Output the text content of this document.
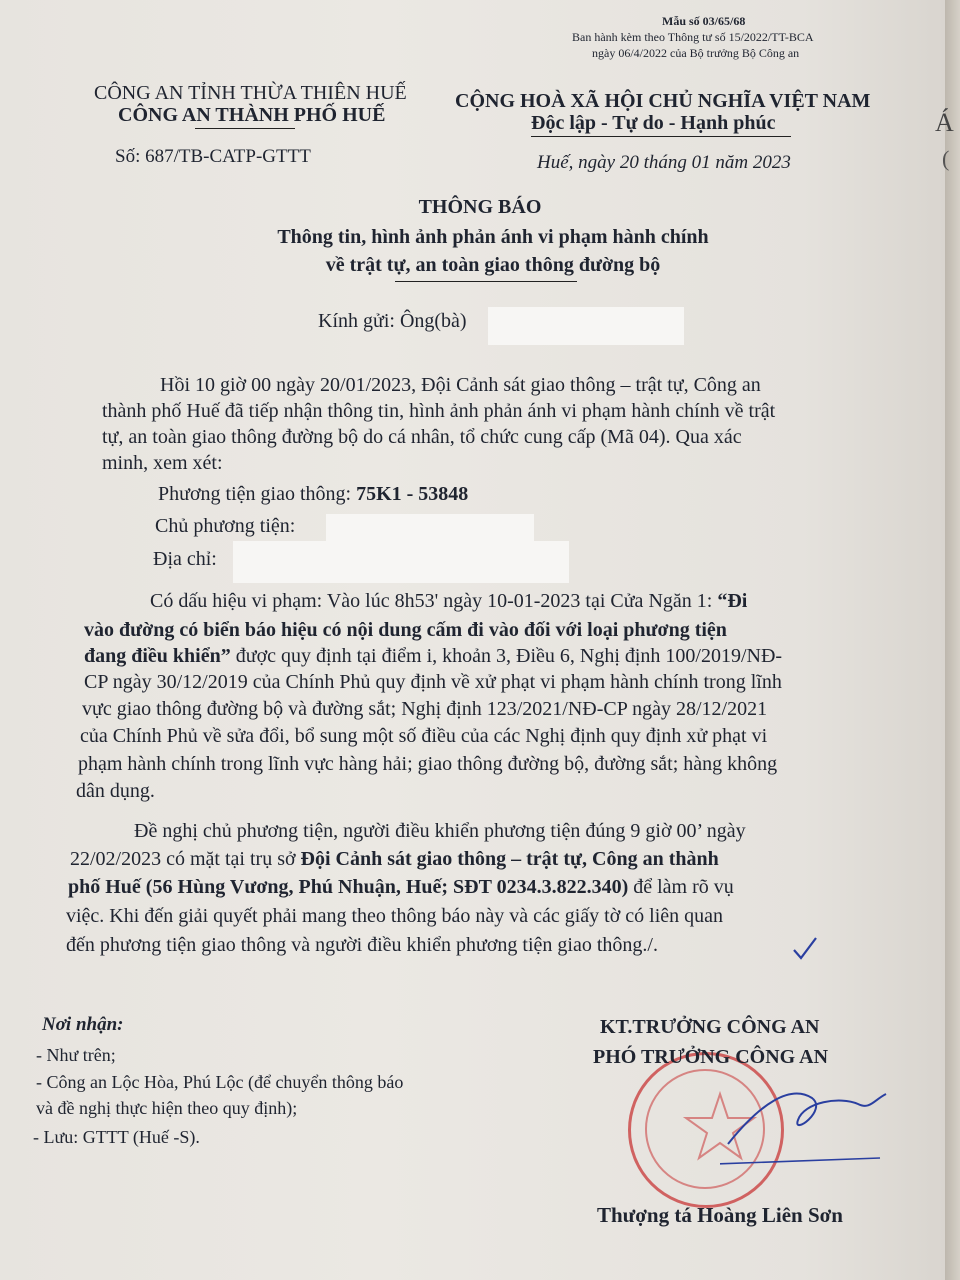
Á
(
Mẫu số 03/65/68
Ban hành kèm theo Thông tư số 15/2022/TT-BCA
ngày 06/4/2022 của Bộ trưởng Bộ Công an
CÔNG AN TỈNH THỪA THIÊN HUẾ
CÔNG AN THÀNH PHỐ HUẾ
CỘNG HOÀ XÃ HỘI CHỦ NGHĨA VIỆT NAM
Độc lập - Tự do - Hạnh phúc
Số: 687/TB-CATP-GTTT	Huế, ngày 20 tháng 01 năm 2023
THÔNG BÁO
Thông tin, hình ảnh phản ánh vi phạm hành chính
về trật tự, an toàn giao thông đường bộ
Kính gửi: Ông(bà)
Hồi 10 giờ 00 ngày 20/01/2023, Đội Cảnh sát giao thông – trật tự, Công an
thành phố Huế đã tiếp nhận thông tin, hình ảnh phản ánh vi phạm hành chính về trật
tự, an toàn giao thông đường bộ do cá nhân, tổ chức cung cấp (Mã 04). Qua xác
minh, xem xét:
Phương tiện giao thông: 75K1 - 53848
Chủ phương tiện:
Địa chỉ:
Có dấu hiệu vi phạm: Vào lúc 8h53' ngày 10-01-2023 tại Cửa Ngăn 1: “Đi
vào đường có biển báo hiệu có nội dung cấm đi vào đối với loại phương tiện
đang điều khiển” được quy định tại điểm i, khoản 3, Điều 6, Nghị định 100/2019/NĐ-
CP ngày 30/12/2019 của Chính Phủ quy định về xử phạt vi phạm hành chính trong lĩnh
vực giao thông đường bộ và đường sắt; Nghị định 123/2021/NĐ-CP ngày 28/12/2021
của Chính Phủ về sửa đổi, bổ sung một số điều của các Nghị định quy định xử phạt vi
phạm hành chính trong lĩnh vực hàng hải; giao thông đường bộ, đường sắt; hàng không
dân dụng.
Đề nghị chủ phương tiện, người điều khiển phương tiện đúng 9 giờ 00’ ngày
22/02/2023 có mặt tại trụ sở Đội Cảnh sát giao thông – trật tự, Công an thành
phố Huế (56 Hùng Vương, Phú Nhuận, Huế; SĐT 0234.3.822.340) để làm rõ vụ
việc. Khi đến giải quyết phải mang theo thông báo này và các giấy tờ có liên quan
đến phương tiện giao thông và người điều khiển phương tiện giao thông./.
Nơi nhận:
- Như trên;
- Công an Lộc Hòa, Phú Lộc (để chuyển thông báo
và đề nghị thực hiện theo quy định);
- Lưu: GTTT (Huế -S).
KT.TRƯỞNG CÔNG AN
PHÓ TRƯỞNG CÔNG AN
Thượng tá Hoàng Liên Sơn
